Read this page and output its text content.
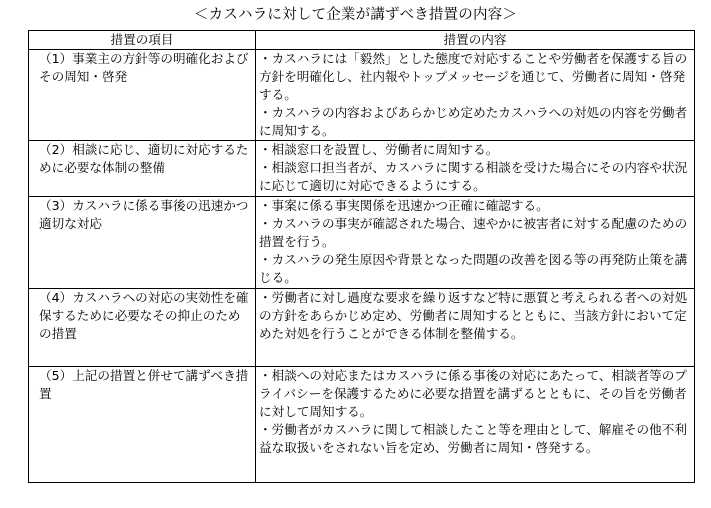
＜カスハラに対して企業が講ずべき措置の内容＞
措置の項目	措置の内容
（1）事業主の方針等の明確化およびその周知・啓発	・カスハラには「毅然」とした態度で対応することや労働者を保護する旨の方針を明確化し、社内報やトップメッセージを通じて、労働者に周知・啓発する。
・カスハラの内容およびあらかじめ定めたカスハラへの対処の内容を労働者に周知する。

（2）相談に応じ、適切に対応するために必要な体制の整備	・相談窓口を設置し、労働者に周知する。
・相談窓口担当者が、カスハラに関する相談を受けた場合にその内容や状況に応じて適切に対応できるようにする。

（3）カスハラに係る事後の迅速かつ適切な対応	・事案に係る事実関係を迅速かつ正確に確認する。
・カスハラの事実が確認された場合、速やかに被害者に対する配慮のための措置を行う。
・カスハラの発生原因や背景となった問題の改善を図る等の再発防止策を講じる。

（4）カスハラへの対応の実効性を確保するために必要なその抑止のための措置	・労働者に対し過度な要求を繰り返すなど特に悪質と考えられる者への対処の方針をあらかじめ定め、労働者に周知するとともに、当該方針において定めた対処を行うことができる体制を整備する。

（5）上記の措置と併せて講ずべき措置	・相談への対応またはカスハラに係る事後の対応にあたって、相談者等のプライバシーを保護するために必要な措置を講ずるとともに、その旨を労働者に対して周知する。
・労働者がカスハラに関して相談したこと等を理由として、解雇その他不利益な取扱いをされない旨を定め、労働者に周知・啓発する。
